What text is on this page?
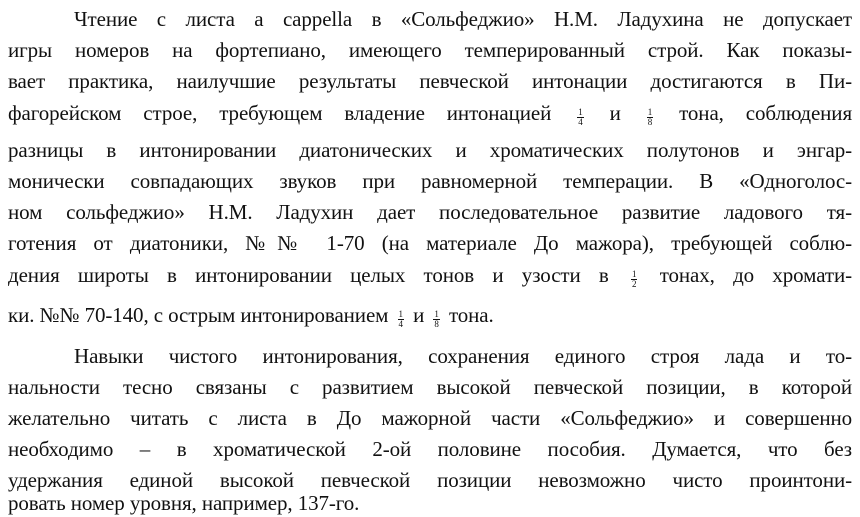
Чтение с листа a cappella в «Сольфеджио» Н.М. Ладухина не допускает
игры номеров на фортепиано, имеющего темперированный строй. Как показы-
вает практика, наилучшие результаты певческой интонации достигаются в Пи-
фагорейском строе, требующем владение интонацией	$\frac{1}{4}$ и	$\frac{1}{8}$ тона, соблюдения
разницы в интонировании диатонических и хроматических полутонов и энгар-
монически совпадающих звуков при равномерной темперации. В «Одноголос-
ном сольфеджио» Н.М. Ладухин дает последовательное развитие ладового тя-
готения от диатоники, №№ 1-70 (на материале До мажора), требующей соблю-
дения широты в интонировании целых тонов и узости в $\frac{1}{2}$ тонах, до хромати-
ки. №№ 70-140, с острым интонированием $\frac{1}{4}$ и $\frac{1}{8}$ тона.
Навыки чистого интонирования, сохранения единого строя лада и то-
нальности тесно связаны с развитием высокой певческой позиции, в которой
желательно читать с листа в До мажорной части «Сольфеджио» и совершенно
необходимо – в хроматической 2-ой половине пособия. Думается, что без
удержания единой высокой певческой позиции невозможно чисто проинтони-
ровать номер уровня, например, 137-го.
